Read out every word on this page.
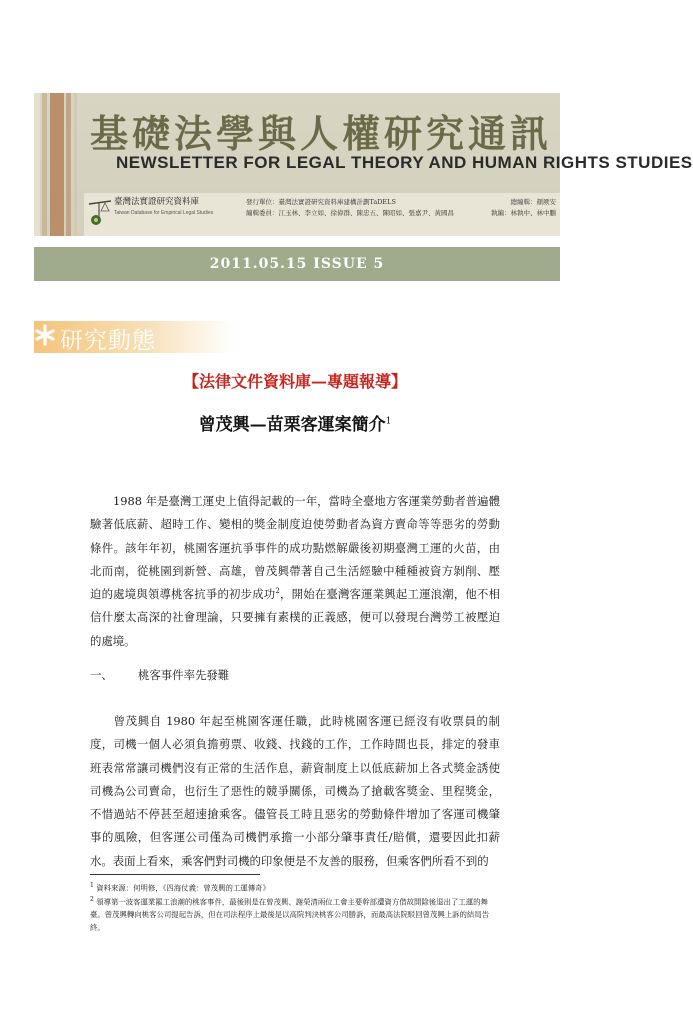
基礎法學與人權研究通訊
NEWSLETTER FOR LEGAL THEORY AND HUMAN RIGHTS STUDIES
臺灣法實證研究資料庫
Taiwan Database for Empirical Legal Studies
發行單位：臺灣法實證研究資料庫建構計劃TaDELS	總編輯：顏厥安
編輯委員：江玉林、李立如、徐偉群、陳忠五、陳昭如、張嘉尹、黃國昌	執編：林執中、林中鵬
2011.05.15 ISSUE 5
研究動態
【法律文件資料庫—專題報導】
曾茂興—苗栗客運案簡介$^1$

1988 年是臺灣工運史上值得記載的一年，當時全臺地方客運業勞動者普遍體驗著低底薪、超時工作、變相的獎金制度迫使勞動者為資方賣命等等惡劣的勞動條件。該年年初，桃園客運抗爭事件的成功點燃解嚴後初期臺灣工運的火苗，由北而南，從桃園到新營、高雄，曾茂興帶著自己生活經驗中種種被資方剝削、壓迫的處境與領導桃客抗爭的初步成功$^2$，開始在臺灣客運業興起工運浪潮，他不相信什麼太高深的社會理論，只要擁有素樸的正義感，便可以發現台灣勞工被壓迫的處境。

一、 桃客事件率先發難

曾茂興自 1980 年起至桃園客運任職，此時桃園客運已經沒有收票員的制度，司機一個人必須負擔剪票、收錢、找錢的工作，工作時間也長，排定的發車班表常常讓司機們沒有正常的生活作息，薪資制度上以低底薪加上各式獎金誘使司機為公司賣命，也衍生了惡性的競爭關係，司機為了搶載客獎金、里程獎金，不惜過站不停甚至超速搶乘客。儘管長工時且惡劣的勞動條件增加了客運司機肇事的風險，但客運公司僅為司機們承擔一小部分肇事責任/賠償，還要因此扣薪水。表面上看來，乘客們對司機的印象便是不友善的服務，但乘客們所看不到的

$^1$ 資料來源：何明修，《四海仗義：曾茂興的工運傳奇》

$^2$ 領導第一波客運業罷工浪潮的桃客事件，最後則是在曾茂興、謝榮清兩位工會主要幹部遭資方借故開除後退出了工運的舞臺。曾茂興轉向桃客公司提起告訴，但在司法程序上最後是以高院判決桃客公司勝訴，而最高法院駁回曾茂興上訴的結局告終。
